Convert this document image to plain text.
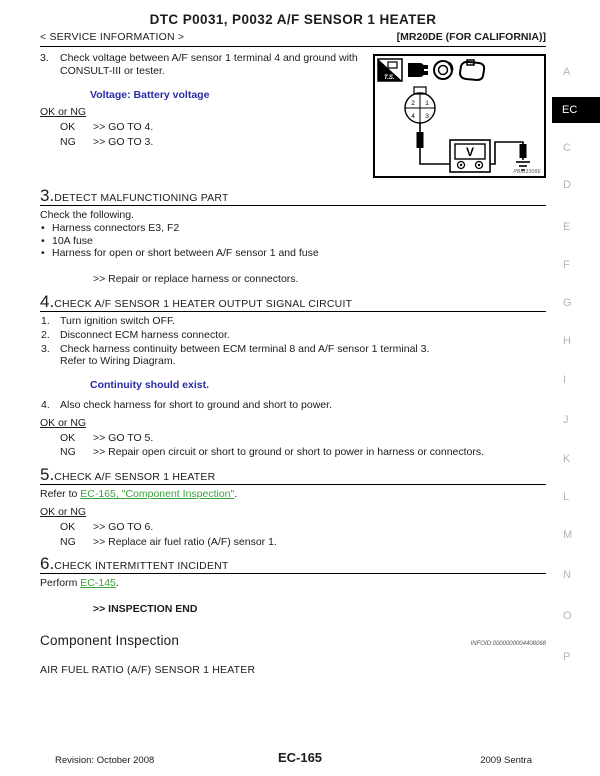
DTC P0031, P0032 A/F SENSOR 1 HEATER
< SERVICE INFORMATION >	[MR20DE (FOR CALIFORNIA)]
3.	Check voltage between A/F sensor 1 terminal 4 and ground with CONSULT-III or tester.
Voltage: Battery voltage
OK or NG
OK	>> GO TO 4.
NG	>> GO TO 3.
T.S.
2 1
4 3
V
PBIB3308E
3.DETECT MALFUNCTIONING PART
Check the following.
• Harness connectors E3, F2
• 10A fuse
• Harness for open or short between A/F sensor 1 and fuse
>> Repair or replace harness or connectors.
4.CHECK A/F SENSOR 1 HEATER OUTPUT SIGNAL CIRCUIT
1. Turn ignition switch OFF.
2. Disconnect ECM harness connector.
3. Check harness continuity between ECM terminal 8 and A/F sensor 1 terminal 3.
Refer to Wiring Diagram.
Continuity should exist.
4. Also check harness for short to ground and short to power.
OK or NG
OK	>> GO TO 5.
NG	>> Repair open circuit or short to ground or short to power in harness or connectors.
5.CHECK A/F SENSOR 1 HEATER
Refer to EC-165, "Component Inspection".
OK or NG
OK	>> GO TO 6.
NG	>> Replace air fuel ratio (A/F) sensor 1.
6.CHECK INTERMITTENT INCIDENT
Perform EC-145.
>> INSPECTION END
Component Inspection	INFOID:0000000004408068
AIR FUEL RATIO (A/F) SENSOR 1 HEATER
A
EC
C
D
E
F
G
H
I
J
K
L
M
N
O
P
Revision: October 2008	EC-165	2009 Sentra
